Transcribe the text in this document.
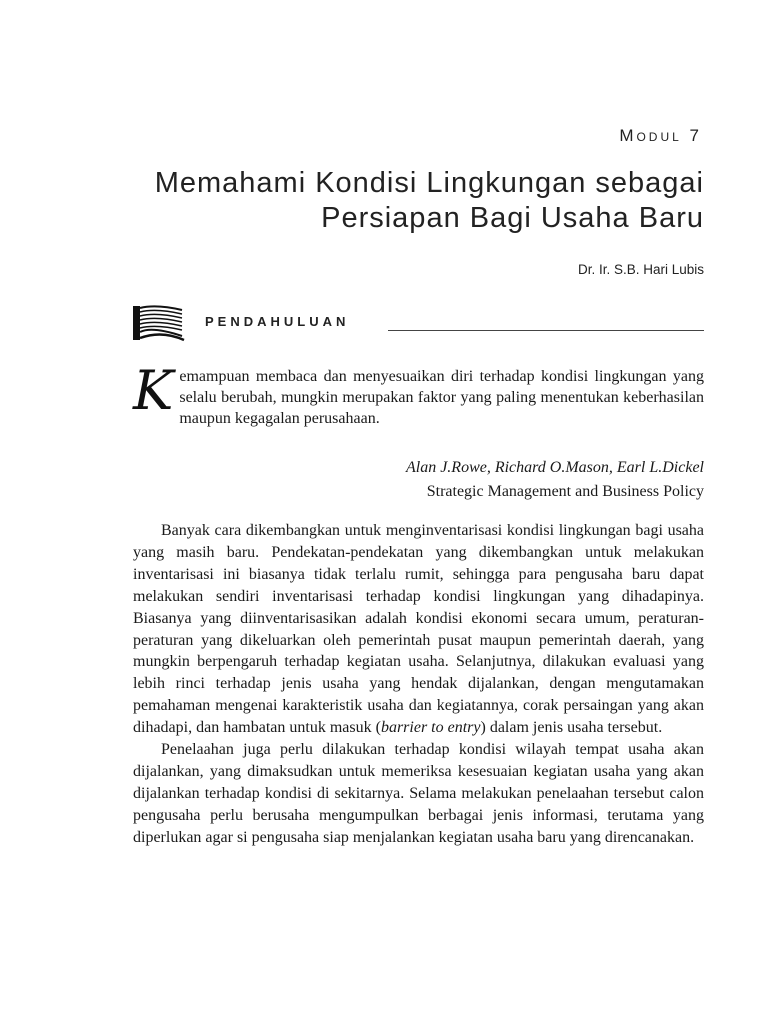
Modul 7
Memahami Kondisi Lingkungan sebagai
Persiapan Bagi Usaha Baru
Dr. Ir. S.B. Hari Lubis
PENDAHULUAN

Kemampuan membaca dan menyesuaikan diri terhadap kondisi lingkungan yang selalu berubah, mungkin merupakan faktor yang paling menentukan keberhasilan maupun kegagalan perusahaan.

Alan J.Rowe, Richard O.Mason, Earl L.Dickel
Strategic Management and Business Policy

Banyak cara dikembangkan untuk menginventarisasi kondisi lingkungan bagi usaha yang masih baru. Pendekatan-pendekatan yang dikembangkan untuk melakukan inventarisasi ini biasanya tidak terlalu rumit, sehingga para pengusaha baru dapat melakukan sendiri inventarisasi terhadap kondisi lingkungan yang dihadapinya. Biasanya yang diinventarisasikan adalah kondisi ekonomi secara umum, peraturan-peraturan yang dikeluarkan oleh pemerintah pusat maupun pemerintah daerah, yang mungkin berpengaruh terhadap kegiatan usaha. Selanjutnya, dilakukan evaluasi yang lebih rinci terhadap jenis usaha yang hendak dijalankan, dengan mengutamakan pemahaman mengenai karakteristik usaha dan kegiatannya, corak persaingan yang akan dihadapi, dan hambatan untuk masuk (barrier to entry) dalam jenis usaha tersebut.

Penelaahan juga perlu dilakukan terhadap kondisi wilayah tempat usaha akan dijalankan, yang dimaksudkan untuk memeriksa kesesuaian kegiatan usaha yang akan dijalankan terhadap kondisi di sekitarnya. Selama melakukan penelaahan tersebut calon pengusaha perlu berusaha mengumpulkan berbagai jenis informasi, terutama yang diperlukan agar si pengusaha siap menjalankan kegiatan usaha baru yang direncanakan.
